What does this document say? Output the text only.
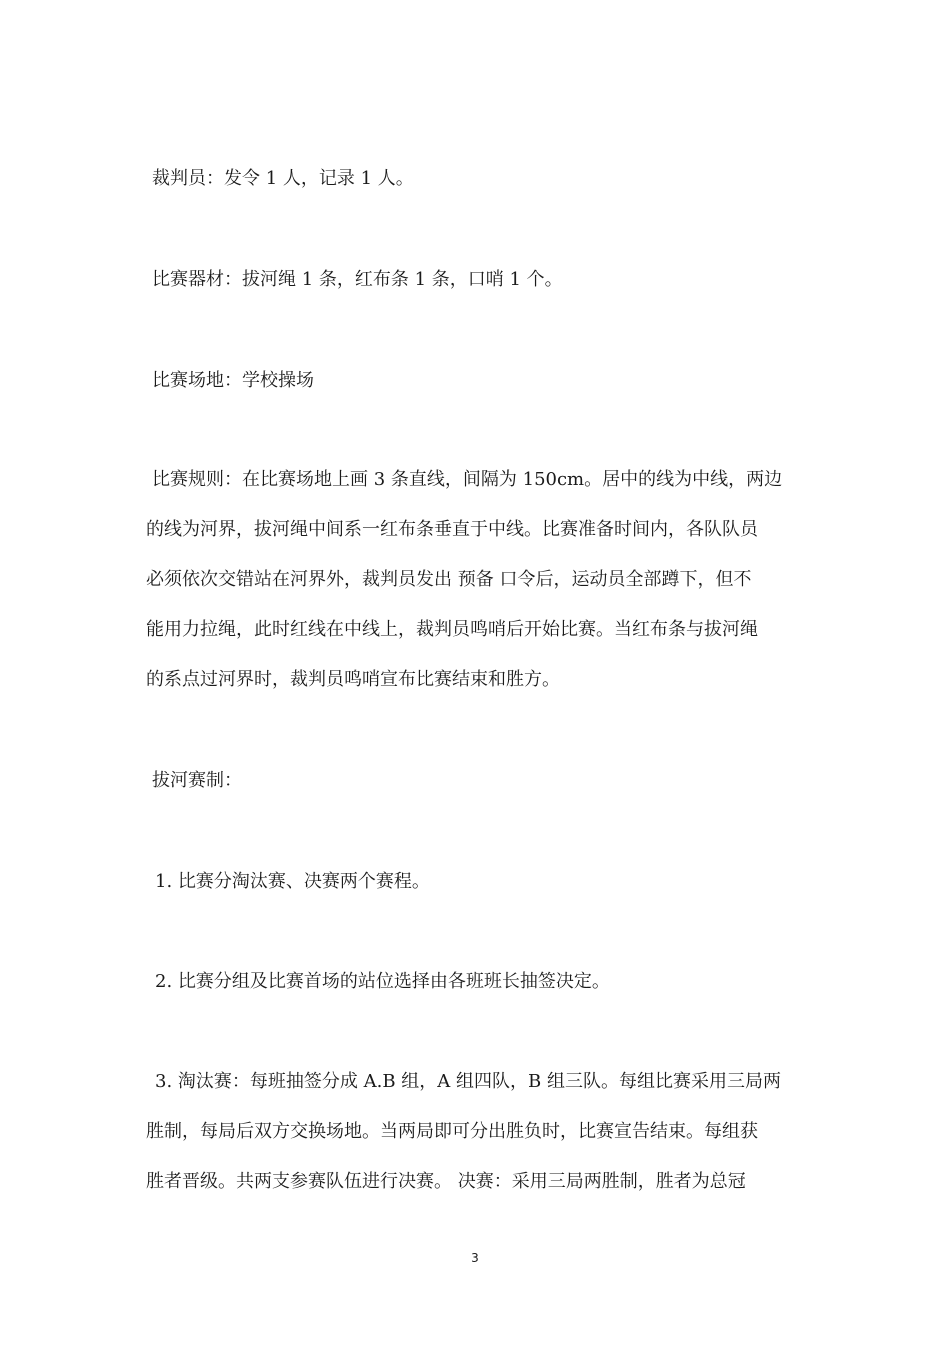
裁判员：发令 1 人，记录 1 人。
比赛器材：拔河绳 1 条，红布条 1 条，口哨 1 个。
比赛场地：学校操场
比赛规则：在比赛场地上画 3 条直线，间隔为 150cm。居中的线为中线，两边
的线为河界，拔河绳中间系一红布条垂直于中线。比赛准备时间内，各队队员
必须依次交错站在河界外，裁判员发出 预备 口令后，运动员全部蹲下，但不
能用力拉绳，此时红线在中线上，裁判员鸣哨后开始比赛。当红布条与拔河绳
的系点过河界时，裁判员鸣哨宣布比赛结束和胜方。
拔河赛制：
1. 比赛分淘汰赛、决赛两个赛程。
2. 比赛分组及比赛首场的站位选择由各班班长抽签决定。
3. 淘汰赛：每班抽签分成 A.B 组，A 组四队，B 组三队。每组比赛采用三局两
胜制，每局后双方交换场地。当两局即可分出胜负时，比赛宣告结束。每组获
胜者晋级。共两支参赛队伍进行决赛。 决赛：采用三局两胜制，胜者为总冠
3
